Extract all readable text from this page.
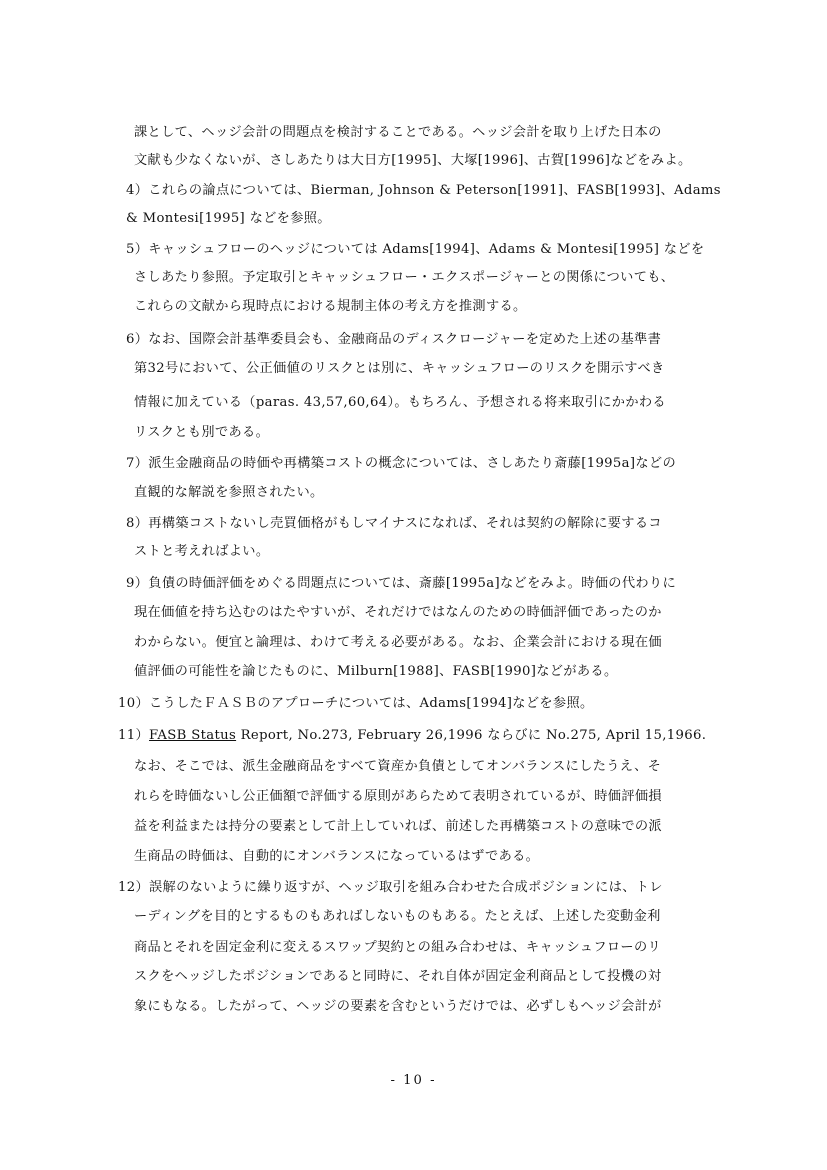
課として、ヘッジ会計の問題点を検討することである。ヘッジ会計を取り上げた日本の
文献も少なくないが、さしあたりは大日方[1995]、大塚[1996]、古賀[1996]などをみよ。
4）これらの論点については、Bierman, Johnson & Peterson[1991]、FASB[1993]、Adams
& Montesi[1995] などを参照。
5）キャッシュフローのヘッジについては Adams[1994]、Adams & Montesi[1995] などを
さしあたり参照。予定取引とキャッシュフロー・エクスポージャーとの関係についても、
これらの文献から現時点における規制主体の考え方を推測する。
6）なお、国際会計基準委員会も、金融商品のディスクロージャーを定めた上述の基準書
第32号において、公正価値のリスクとは別に、キャッシュフローのリスクを開示すべき
情報に加えている（paras. 43,57,60,64）。もちろん、予想される将来取引にかかわる
リスクとも別である。
7）派生金融商品の時価や再構築コストの概念については、さしあたり斎藤[1995a]などの
直観的な解説を参照されたい。
8）再構築コストないし売買価格がもしマイナスになれば、それは契約の解除に要するコ
ストと考えればよい。
9）負債の時価評価をめぐる問題点については、斎藤[1995a]などをみよ。時価の代わりに
現在価値を持ち込むのはたやすいが、それだけではなんのための時価評価であったのか
わからない。便宜と論理は、わけて考える必要がある。なお、企業会計における現在価
値評価の可能性を論じたものに、Milburn[1988]、FASB[1990]などがある。
10）こうしたＦＡＳＢのアプローチについては、Adams[1994]などを参照。
11）FASB Status Report, No.273, February 26,1996 ならびに No.275, April 15,1966.
なお、そこでは、派生金融商品をすべて資産か負債としてオンバランスにしたうえ、そ
れらを時価ないし公正価額で評価する原則があらためて表明されているが、時価評価損
益を利益または持分の要素として計上していれば、前述した再構築コストの意味での派
生商品の時価は、自動的にオンバランスになっているはずである。
12）誤解のないように繰り返すが、ヘッジ取引を組み合わせた合成ポジションには、トレ
ーディングを目的とするものもあればしないものもある。たとえば、上述した変動金利
商品とそれを固定金利に変えるスワップ契約との組み合わせは、キャッシュフローのリ
スクをヘッジしたポジションであると同時に、それ自体が固定金利商品として投機の対
象にもなる。したがって、ヘッジの要素を含むというだけでは、必ずしもヘッジ会計が
- 10 -
